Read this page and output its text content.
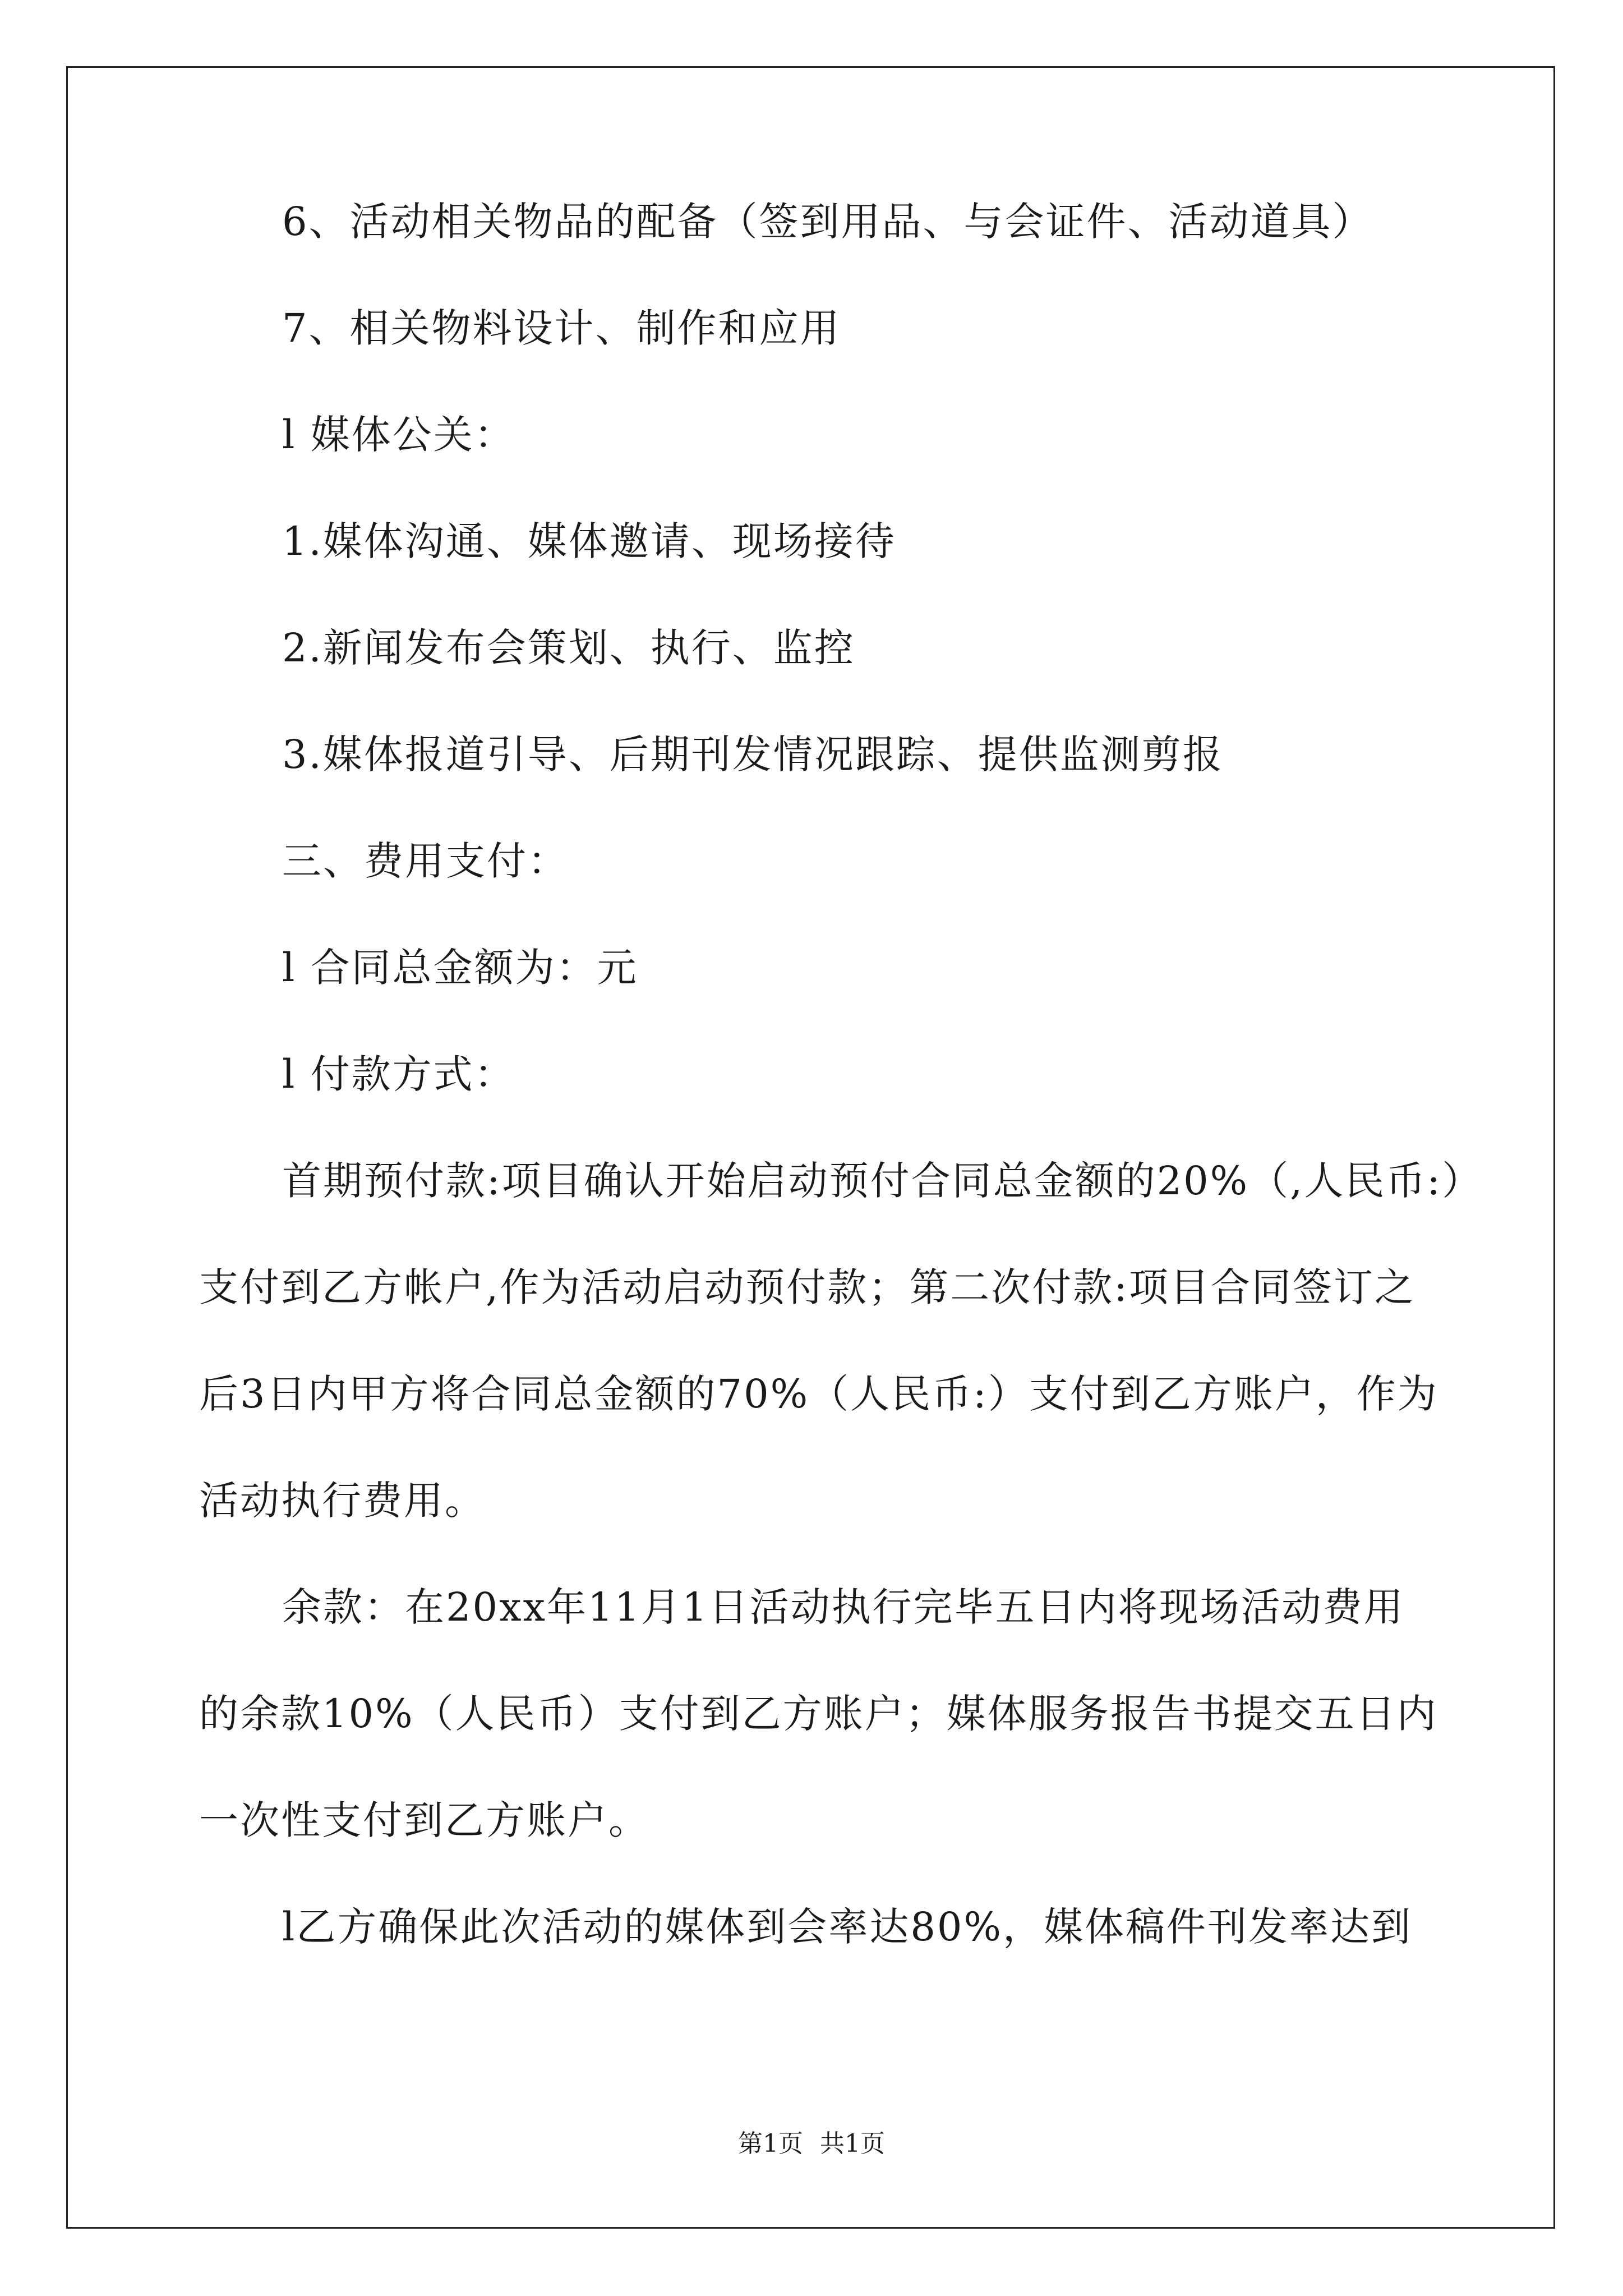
6、活动相关物品的配备（签到用品、与会证件、活动道具）

7、相关物料设计、制作和应用

l 媒体公关：

1.媒体沟通、媒体邀请、现场接待

2.新闻发布会策划、执行、监控

3.媒体报道引导、后期刊发情况跟踪、提供监测剪报

三、费用支付：

l 合同总金额为：元

l 付款方式：

首期预付款:项目确认开始启动预付合同总金额的20%（,人民币:）

支付到乙方帐户,作为活动启动预付款；第二次付款:项目合同签订之

后3日内甲方将合同总金额的70%（人民币:）支付到乙方账户，作为

活动执行费用。

余款：在20xx年11月1日活动执行完毕五日内将现场活动费用

的余款10%（人民币）支付到乙方账户；媒体服务报告书提交五日内

一次性支付到乙方账户。

l乙方确保此次活动的媒体到会率达80%，媒体稿件刊发率达到

第1页 共1页
